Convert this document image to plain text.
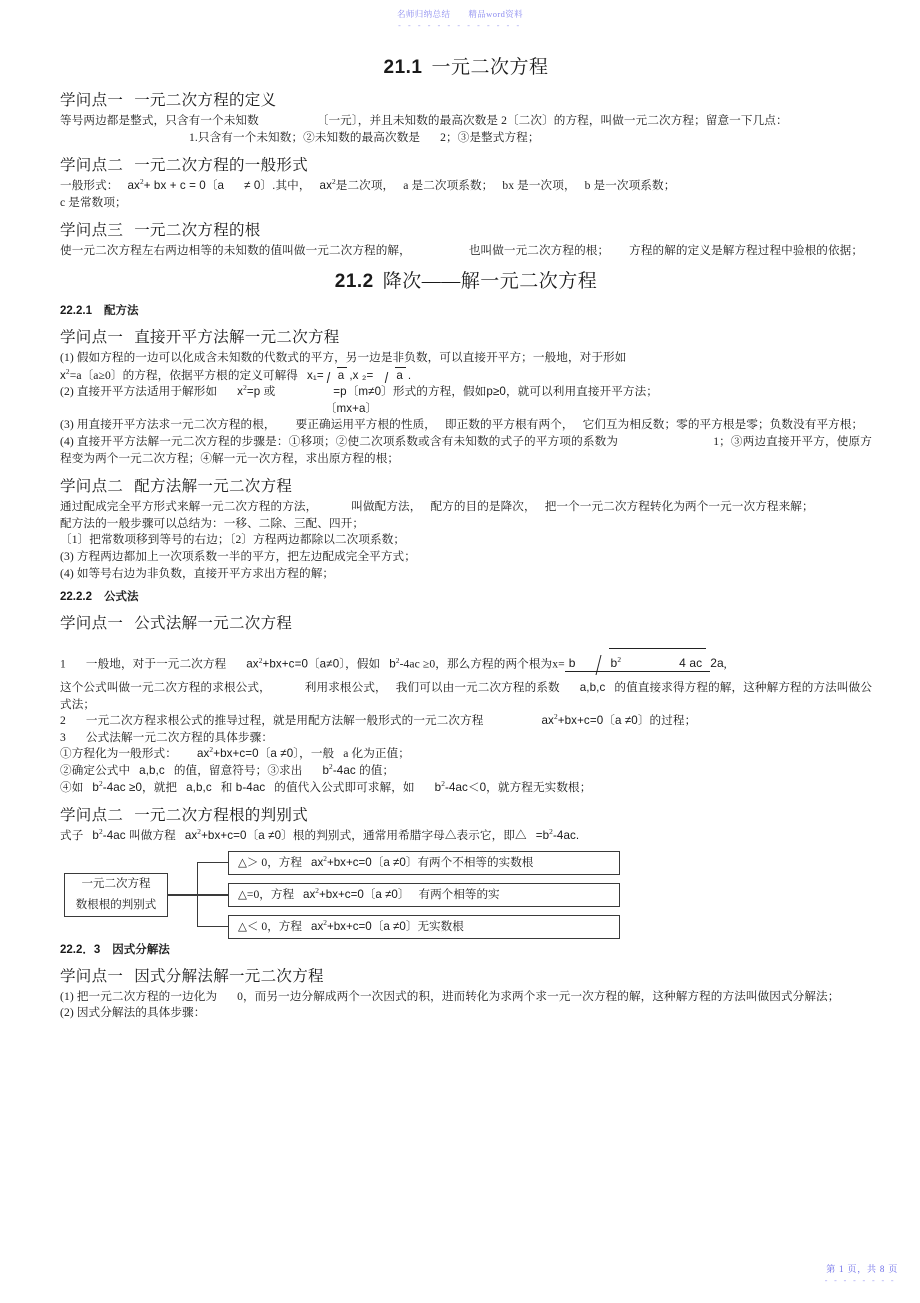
名师归纳总结 精品word资料
- - - - - - - - - - - - -
21.1 一元二次方程
学问点一 一元二次方程的定义

等号两边都是整式，只含有一个未知数	〔一元〕，并且未知数的最高次数是 2〔二次〕的方程，叫做一元二次方程；留意一下几点：

1.只含有一个未知数；②未知数的最高次数是 2；③是整式方程；

学问点二 一元二次方程的一般形式

一般形式： $ax^2+$ bx + c = 0〔a ≠ 0〕.其中， $ax^2$是二次项， a 是二次项系数； bx 是一次项， b 是一次项系数；

c 是常数项；

学问点三 一元二次方程的根

使一元二次方程左右两边相等的未知数的值叫做一元二次方程的解，	也叫做一元二次方程的根； 方程的解的定义是解方程过程中验根的依据；

21.2 降次——解一元二次方程
22.2.1 配方法
学问点一 直接开平方法解一元二次方程

(1) 假如方程的一边可以化成含未知数的代数式的平方，另一边是非负数，可以直接开平方；一般地，对于形如

$x^2=a$〔a≥0〕的方程，依据平方根的定义可解得 x₁= a ,x ₂= a .

(2) 直接开平方法适用于解形如 $x^2=p$ 或	=p〔m≠0〕形式的方程，假如p≥0，就可以利用直接开平方法；

〔mx+a〕

(3) 用直接开平方法求一元二次方程的根， 要正确运用平方根的性质， 即正数的平方根有两个， 它们互为相反数；零的平方根是零；负数没有平方根；

(4) 直接开平方法解一元二次方程的步骤是：①移项；②使二次项系数或含有未知数的式子的平方项的系数为	1；③两边直接开平方，使原方程变为两个一元二次方程；④解一元一次方程，求出原方程的根；

学问点二 配方法解一元二次方程

通过配成完全平方形式来解一元二次方程的方法，	叫做配方法， 配方的目的是降次， 把一个一元二次方程转化为两个一元一次方程来解；

配方法的一般步骤可以总结为：一移、二除、三配、四开；

〔1〕把常数项移到等号的右边；〔2〕方程两边都除以二次项系数；

(3) 方程两边都加上一次项系数一半的平方，把左边配成完全平方式；

(4) 如等号右边为非负数，直接开平方求出方程的解；

22.2.2 公式法
学问点一 公式法解一元二次方程

1 一般地，对于一元二次方程 $ax^2+bx+c=0$〔a≠0〕，假如 $b^2-4ac \ge 0$，那么方程的两个根为x= b	$b^2$	4 ac 2a,

这个公式叫做一元二次方程的求根公式，	利用求根公式， 我们可以由一元二次方程的系数 a,b,c 的值直接求得方程的解，这种解方程的方法叫做公式法；

2 一元二次方程求根公式的推导过程，就是用配方法解一般形式的一元二次方程	$ax^2+bx+c=0$〔a ≠0〕的过程；

3 公式法解一元二次方程的具体步骤：

①方程化为一般形式： $ax^2+bx+c=0$〔a ≠0〕，一般 a 化为正值；

②确定公式中 a,b,c 的值，留意符号；③求出 $b^2-4ac$ 的值；

④如 $b^2-4ac \ge 0$，就把 a,b,c 和 b-4ac 的值代入公式即可求解，如 $b^2-4ac<0$，就方程无实数根；

学问点二 一元二次方程根的判别式

式子 $b^2-4ac$ 叫做方程 $ax^2+bx+c=0$〔a ≠0〕根的判别式，通常用希腊字母△表示它，即△ $=b^2-4ac$.

一元二次方程
数根根的判别式
△＞ 0，方程 $ax^2+bx+c=0$〔a ≠0〕有两个不相等的实数根
△=0，方程 $ax^2+bx+c=0$〔a ≠0〕 有两个相等的实
△＜ 0，方程 $ax^2+bx+c=0$〔a ≠0〕无实数根
22.2．3 因式分解法
学问点一 因式分解法解一元二次方程

(1) 把一元二次方程的一边化为 0，而另一边分解成两个一次因式的积，进而转化为求两个求一元一次方程的解，这种解方程的方法叫做因式分解法；

(2) 因式分解法的具体步骤：

第 1 页，共 8 页
- - - - - - - -
